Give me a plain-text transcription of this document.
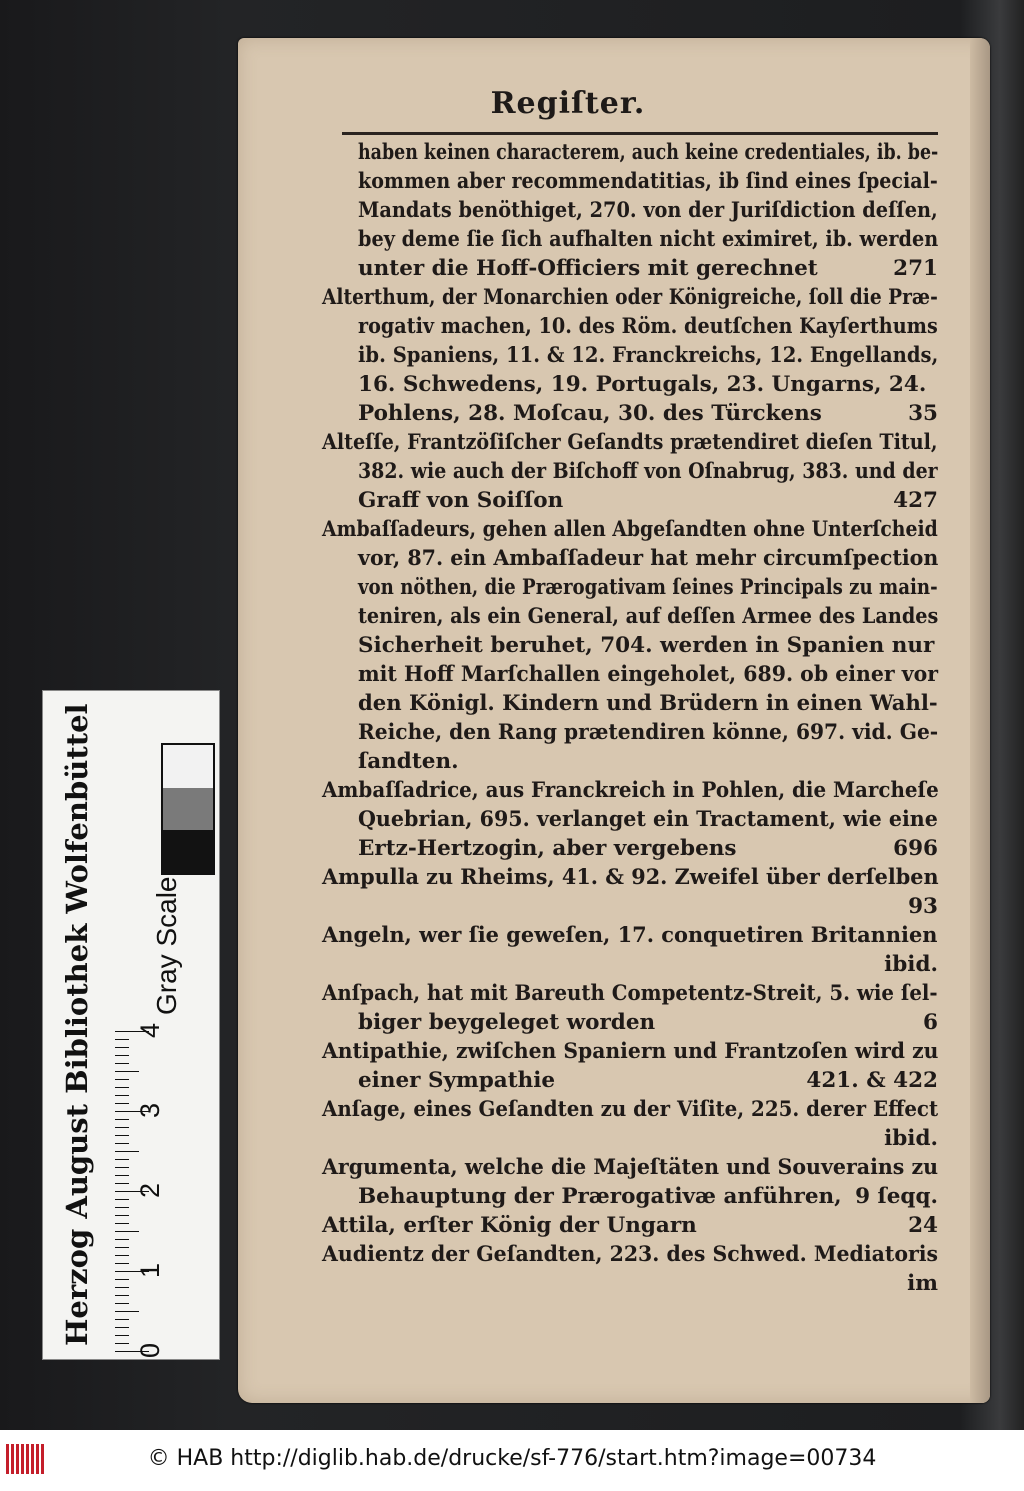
Regiſter.
haben keinen characterem, auch keine credentiales, ib. be-
kommen aber recommendatitias, ib ſind eines ſpecial-
Mandats benöthiget, 270. von der Juriſdiction deſſen,
bey deme ſie ſich aufhalten nicht eximiret, ib. werden
unter die Hoff-Officiers mit gerechnet	271
Alterthum, der Monarchien oder Königreiche, ſoll die Præ-
rogativ machen, 10. des Röm. deutſchen Kayſerthums
ib. Spaniens, 11. & 12. Franckreichs, 12. Engellands,
16. Schwedens, 19. Portugals, 23. Ungarns, 24.
Pohlens, 28. Moſcau, 30. des Türckens	35
Alteſſe, Frantzöſiſcher Geſandts prætendiret dieſen Titul,
382. wie auch der Biſchoff von Oſnabrug, 383. und der
Graff von Soiſſon	427
Ambaſſadeurs, gehen allen Abgeſandten ohne Unterſcheid
vor, 87. ein Ambaſſadeur hat mehr circumſpection
von nöthen, die Prærogativam ſeines Principals zu main-
teniren, als ein General, auf deſſen Armee des Landes
Sicherheit beruhet, 704. werden in Spanien nur
mit Hoff Marſchallen eingeholet, 689. ob einer vor
den Königl. Kindern und Brüdern in einen Wahl-
Reiche, den Rang prætendiren könne, 697. vid. Ge-
ſandten.
Ambaſſadrice, aus Franckreich in Pohlen, die Marcheſe
Quebrian, 695. verlanget ein Tractament, wie eine
Ertz-Hertzogin, aber vergebens	696
Ampulla zu Rheims, 41. & 92. Zweifel über derſelben
93
Angeln, wer ſie geweſen, 17. conquetiren Britannien
ibid.
Anſpach, hat mit Bareuth Competentz-Streit, 5. wie ſel-
biger beygeleget worden	6
Antipathie, zwiſchen Spaniern und Frantzoſen wird zu
einer Sympathie	421. & 422
Anſage, eines Geſandten zu der Viſite, 225. derer Effect
ibid.
Argumenta, welche die Majeſtäten und Souverains zu
Behauptung der Prærogativæ anführen, 9 ſeqq.
Attila, erſter König der Ungarn	24
Audientz der Geſandten, 223. des Schwed. Mediatoris
im
Herzog August Bibliothek Wolfenbüttel	Gray Scale
0
1
2
3
4
© HAB http://diglib.hab.de/drucke/sf-776/start.htm?image=00734
